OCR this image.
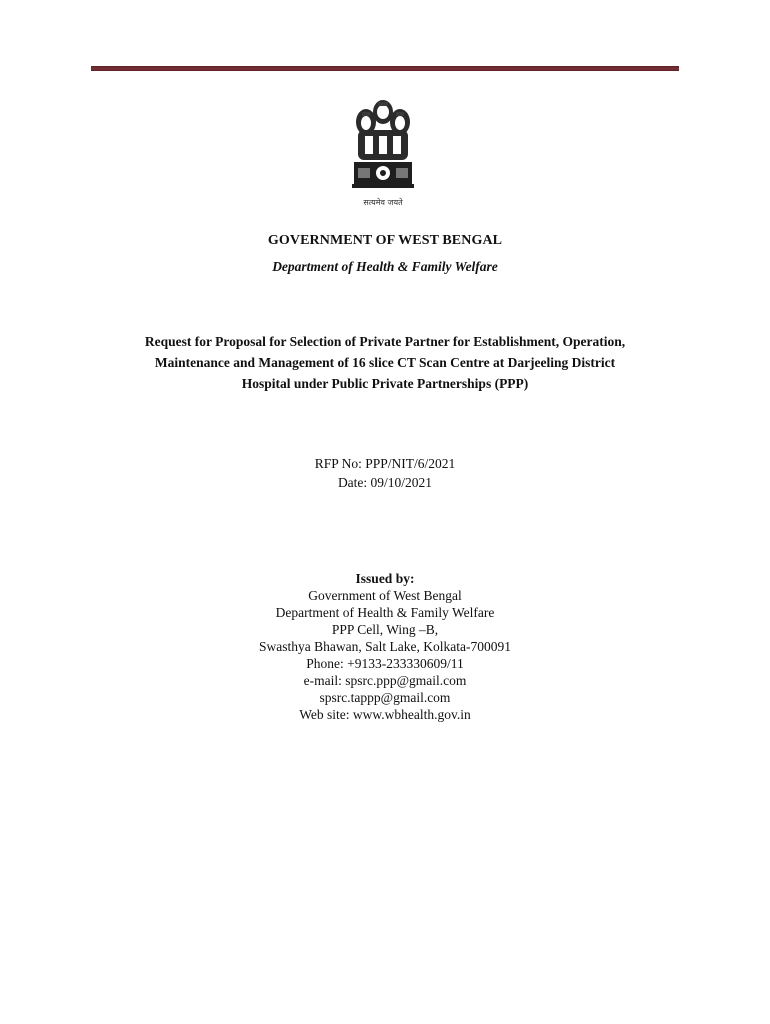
सत्यमेव जयते
GOVERNMENT OF WEST BENGAL
Department of Health & Family Welfare
Request for Proposal for Selection of Private Partner for Establishment, Operation,
Maintenance and Management of 16 slice CT Scan Centre at Darjeeling District
Hospital under Public Private Partnerships (PPP)
RFP No: PPP/NIT/6/2021
Date: 09/10/2021
Issued by:
Government of West Bengal
Department of Health & Family Welfare
PPP Cell, Wing –B,
Swasthya Bhawan, Salt Lake, Kolkata-700091
Phone: +9133-233330609/11
e-mail: spsrc.ppp@gmail.com
spsrc.tappp@gmail.com
Web site: www.wbhealth.gov.in
